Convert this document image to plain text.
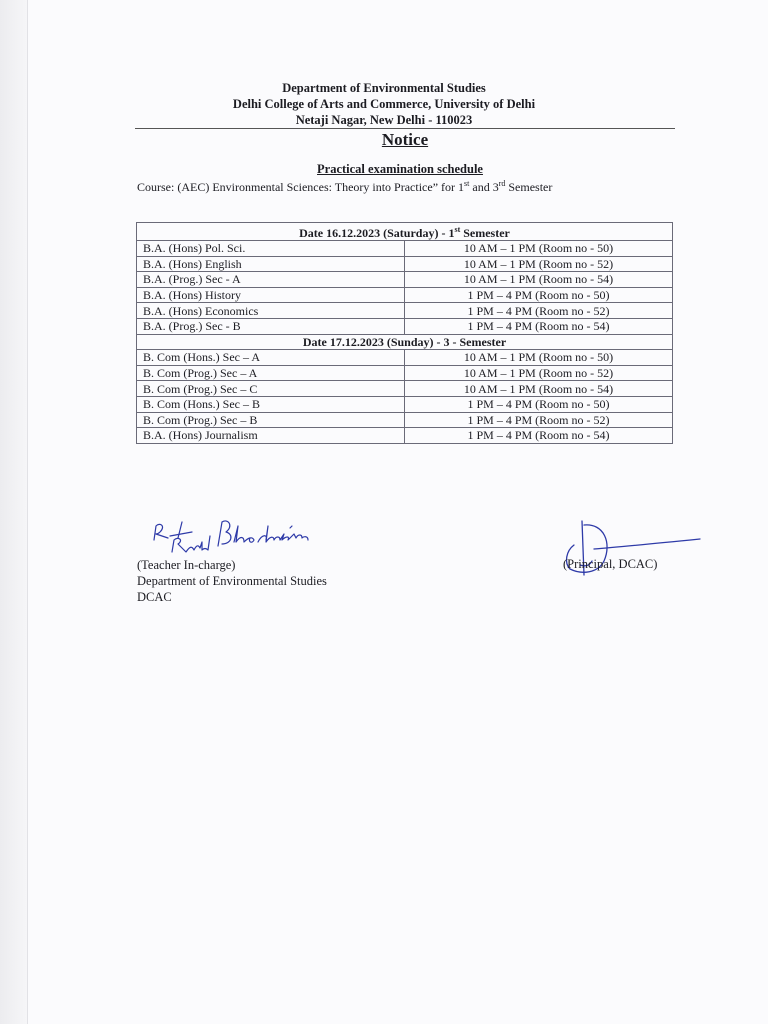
Department of Environmental Studies
Delhi College of Arts and Commerce, University of Delhi
Netaji Nagar, New Delhi - 110023
Notice
Practical examination schedule
Course: (AEC) Environmental Sciences: Theory into Practice” for 1st and 3rd Semester
Date 16.12.2023 (Saturday) - 1st Semester	
B.A. (Hons) Pol. Sci.	10 AM – 1 PM (Room no - 50)
B.A. (Hons) English	10 AM – 1 PM (Room no - 52)
B.A. (Prog.) Sec - A	10 AM – 1 PM (Room no - 54)
B.A. (Hons) History	1 PM – 4 PM (Room no - 50)
B.A. (Hons) Economics	1 PM – 4 PM (Room no - 52)
B.A. (Prog.) Sec - B	1 PM – 4 PM (Room no - 54)
Date 17.12.2023 (Sunday) - 3 - Semester	
B. Com (Hons.) Sec – A	10 AM – 1 PM (Room no - 50)
B. Com (Prog.) Sec – A	10 AM – 1 PM (Room no - 52)
B. Com (Prog.) Sec – C	10 AM – 1 PM (Room no - 54)
B. Com (Hons.) Sec – B	1 PM – 4 PM (Room no - 50)
B. Com (Prog.) Sec – B	1 PM – 4 PM (Room no - 52)
B.A. (Hons) Journalism	1 PM – 4 PM (Room no - 54)
(Teacher In-charge)
Department of Environmental Studies
DCAC
(Principal, DCAC)
